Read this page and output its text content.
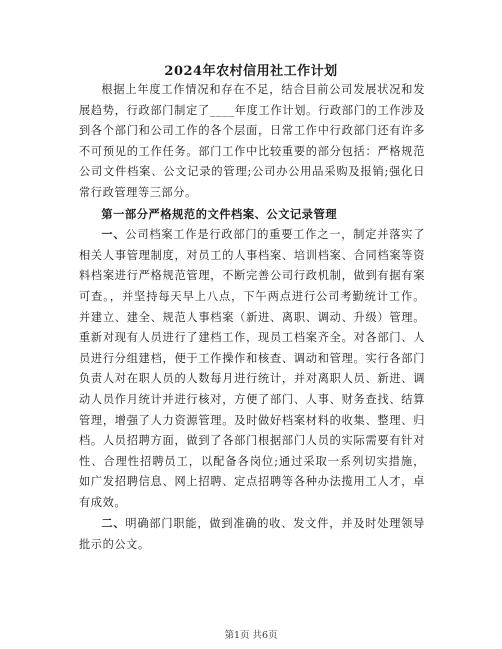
2024年农村信用社工作计划

根据上年度工作情况和存在不足，结合目前公司发展状况和发展趋势，行政部门制定了____年度工作计划。行政部门的工作涉及到各个部门和公司工作的各个层面，日常工作中行政部门还有许多不可预见的工作任务。部门工作中比较重要的部分包括：严格规范公司文件档案、公文记录的管理;公司办公用品采购及报销;强化日常行政管理等三部分。

第一部分严格规范的文件档案、公文记录管理

一、公司档案工作是行政部门的重要工作之一，制定并落实了相关人事管理制度，对员工的人事档案、培训档案、合同档案等资料档案进行严格规范管理，不断完善公司行政机制，做到有据有案可查。，并坚持每天早上八点，下午两点进行公司考勤统计工作。并建立、建全、规范人事档案（新进、离职、调动、升级）管理。重新对现有人员进行了建档工作，现员工档案齐全。对各部门、人员进行分组建档，便于工作操作和核查、调动和管理。实行各部门负责人对在职人员的人数每月进行统计，并对离职人员、新进、调动人员作月统计并进行核对，方便了部门、人事、财务查找、结算管理，增强了人力资源管理。及时做好档案材料的收集、整理、归档。人员招聘方面，做到了各部门根据部门人员的实际需要有针对性、合理性招聘员工，以配备各岗位;通过采取一系列切实措施，如广发招聘信息、网上招聘、定点招聘等各种办法揽用工人才，卓有成效。

二、明确部门职能，做到准确的收、发文件，并及时处理领导批示的公文。

第1页 共6页
